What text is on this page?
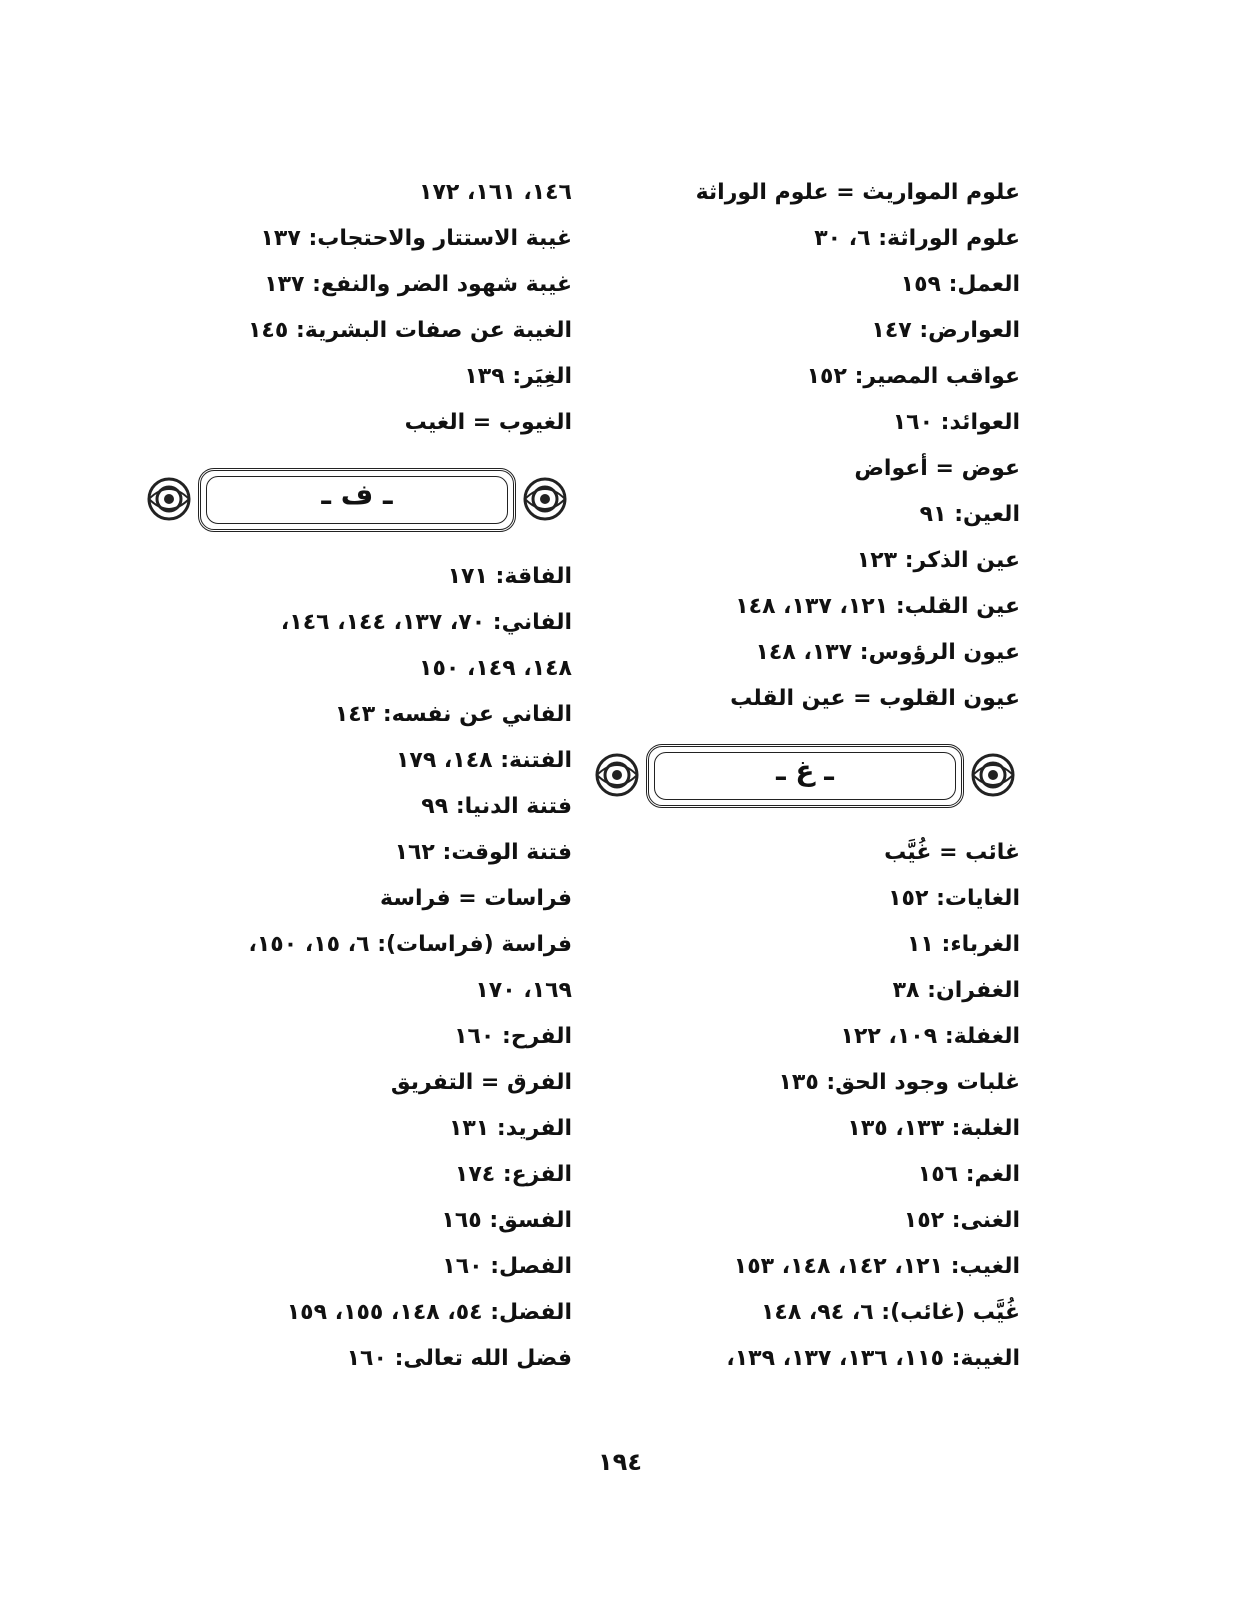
علوم المواريث = علوم الوراثة
علوم الوراثة: ٦، ٣٠
العمل: ١٥٩
العوارض: ١٤٧
عواقب المصير: ١٥٢
العوائد: ١٦٠
عوض = أعواض
العين: ٩١
عين الذكر: ١٢٣
عين القلب: ١٢١، ١٣٧، ١٤٨
عيون الرؤوس: ١٣٧، ١٤٨
عيون القلوب = عين القلب
ـ غ ـ
غائب = غُيَّب
الغايات: ١٥٢
الغرباء: ١١
الغفران: ٣٨
الغفلة: ١٠٩، ١٢٢
غلبات وجود الحق: ١٣٥
الغلبة: ١٣٣، ١٣٥
الغم: ١٥٦
الغنى: ١٥٢
الغيب: ١٢١، ١٤٢، ١٤٨، ١٥٣
غُيَّب (غائب): ٦، ٩٤، ١٤٨
الغيبة: ١١٥، ١٣٦، ١٣٧، ١٣٩،
١٤٦، ١٦١، ١٧٢
غيبة الاستتار والاحتجاب: ١٣٧
غيبة شهود الضر والنفع: ١٣٧
الغيبة عن صفات البشرية: ١٤٥
الغِيَر: ١٣٩
الغيوب = الغيب
ـ ف ـ
الفاقة: ١٧١
الفاني: ٧٠، ١٣٧، ١٤٤، ١٤٦،
١٤٨، ١٤٩، ١٥٠
الفاني عن نفسه: ١٤٣
الفتنة: ١٤٨، ١٧٩
فتنة الدنيا: ٩٩
فتنة الوقت: ١٦٢
فراسات = فراسة
فراسة (فراسات): ٦، ١٥، ١٥٠،
١٦٩، ١٧٠
الفرح: ١٦٠
الفرق = التفريق
الفريد: ١٣١
الفزع: ١٧٤
الفسق: ١٦٥
الفصل: ١٦٠
الفضل: ٥٤، ١٤٨، ١٥٥، ١٥٩
فضل الله تعالى: ١٦٠
١٩٤
